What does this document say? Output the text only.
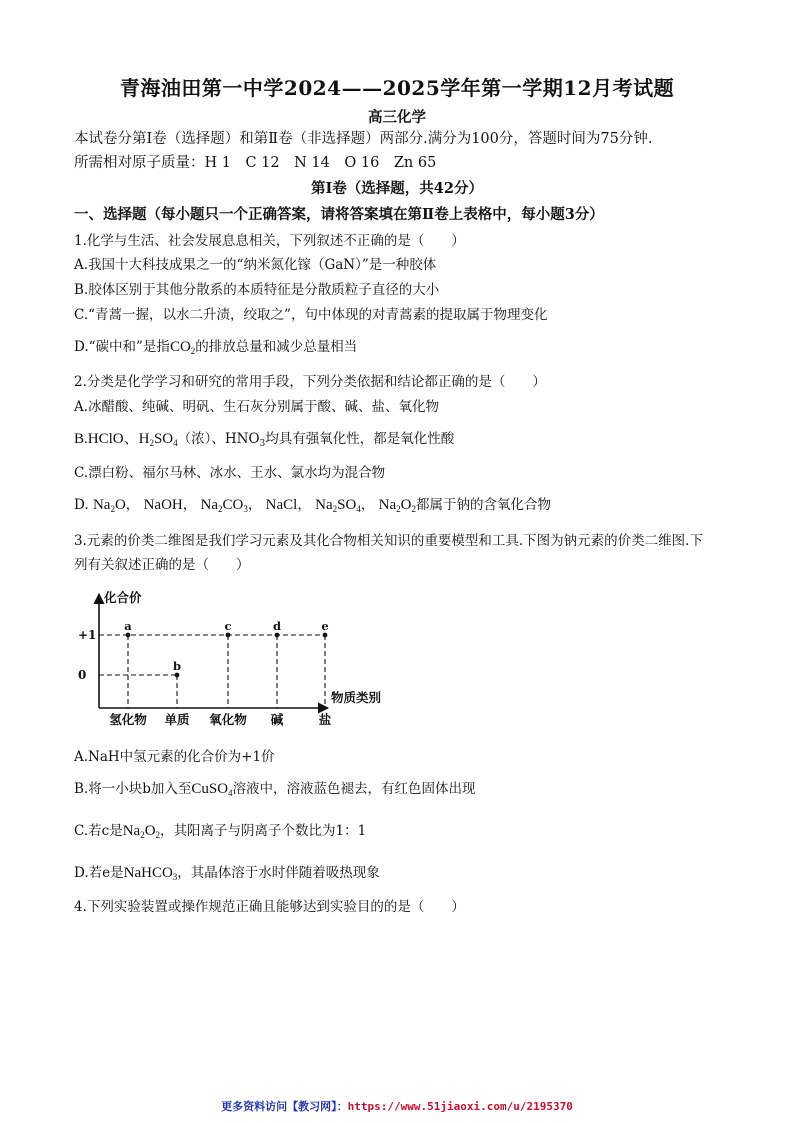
青海油田第一中学2024——2025学年第一学期12月考试题
高三化学
本试卷分第Ⅰ卷（选择题）和第Ⅱ卷（非选择题）两部分.满分为100分，答题时间为75分钟.
所需相对原子质量：H 1　C 12　N 14　O 16　Zn 65
第Ⅰ卷（选择题，共42分）
一、选择题（每小题只一个正确答案，请将答案填在第Ⅱ卷上表格中，每小题3分）
1.化学与生活、社会发展息息相关，下列叙述不正确的是（　　）
A.我国十大科技成果之一的“纳米氮化镓（GaN）”是一种胶体
B.胶体区别于其他分散系的本质特征是分散质粒子直径的大小
C.“青蒿一握，以水二升渍，绞取之”，句中体现的对青蒿素的提取属于物理变化
D.“碳中和”是指$CO_2$的排放总量和减少总量相当
2.分类是化学学习和研究的常用手段，下列分类依据和结论都正确的是（　　）
A.冰醋酸、纯碱、明矾、生石灰分别属于酸、碱、盐、氧化物
B.HClO、$H_2SO_4$（浓）、$HNO_3$均具有强氧化性，都是氧化性酸
C.漂白粉、福尔马林、冰水、王水、氯水均为混合物
D. $Na_2O$， NaOH， $Na_2CO_3$， NaCl， $Na_2SO_4$， $Na_2O_2$都属于钠的含氧化合物
3.元素的价类二维图是我们学习元素及其化合物相关知识的重要模型和工具.下图为钠元素的价类二维图.下
列有关叙述正确的是（　　）
化合价
物质类别
+1
0
氢化物 单质 氧化物 碱	盐
a
b
c	d	e
A.NaH中氢元素的化合价为+1价
B.将一小块b加入至CuSO$_4$溶液中，溶液蓝色褪去，有红色固体出现
C.若c是$Na_2O_2$，其阳离子与阴离子个数比为1：1
D.若e是NaHCO$_3$，其晶体溶于水时伴随着吸热现象
4.下列实验装置或操作规范正确且能够达到实验目的的是（　　）
更多资料访问【教习网】：https://www.51jiaoxi.com/u/2195370
